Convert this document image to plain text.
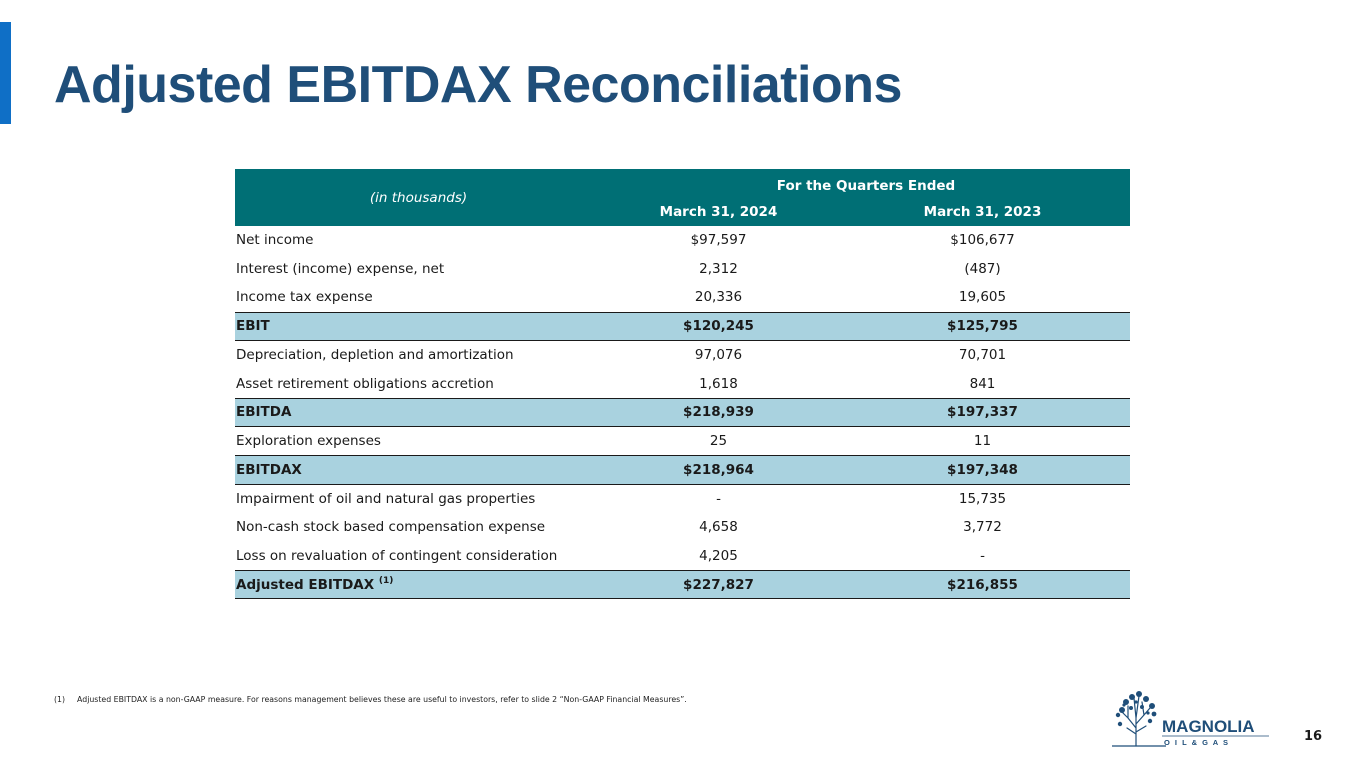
Adjusted EBITDAX Reconciliations
(in thousands)	For the Quarters Ended	
	March 31, 2024	March 31, 2023
Net income	$97,597	$106,677
Interest (income) expense, net	2,312	(487)
Income tax expense	20,336	19,605
EBIT	$120,245	$125,795
Depreciation, depletion and amortization	97,076	70,701
Asset retirement obligations accretion	1,618	841
EBITDA	$218,939	$197,337
Exploration expenses	25	11
EBITDAX	$218,964	$197,348
Impairment of oil and natural gas properties	-	15,735
Non-cash stock based compensation expense	4,658	3,772
Loss on revaluation of contingent consideration	4,205	-
Adjusted EBITDAX $^{(1)}$	$227,827	$216,855
(1) Adjusted EBITDAX is a non-GAAP measure. For reasons management believes these are useful to investors, refer to slide 2 “Non-GAAP Financial Measures”.
MAGNOLIA
O I L & G A S	16
